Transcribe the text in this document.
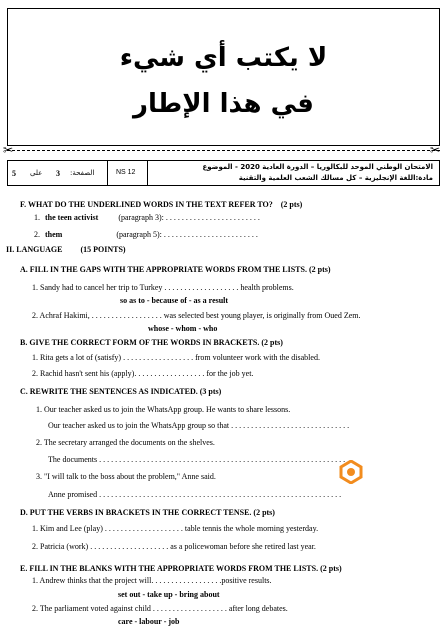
لا يكتب أي شيء
في هذا الإطار
✂	✂
5 على 3 الصفحة:	NS 12
الامتحان الوطني الموحد للبكالوريا – الدورة العادية 2020 - الموضوع
مادة:اللغة الإنجليزية – كل مسالك الشعب العلمية والتقنية
F. WHAT DO THE UNDERLINED WORDS IN THE TEXT REFER TO? (2 pts)
1. the teen activist	(paragraph 3): . . . . . . . . . . . . . . . . . . . . . . . .
2. them	(paragraph 5): . . . . . . . . . . . . . . . . . . . . . . . .
II. LANGUAGE (15 POINTS)
A. FILL IN THE GAPS WITH THE APPROPRIATE WORDS FROM THE LISTS. (2 pts)
1. Sandy had to cancel her trip to Turkey . . . . . . . . . . . . . . . . . . . health problems.
so as to - because of - as a result
2. Achraf Hakimi, . . . . . . . . . . . . . . . . . . was selected best young player, is originally from Oued Zem.
whose - whom - who
B. GIVE THE CORRECT FORM OF THE WORDS IN BRACKETS. (2 pts)
1. Rita gets a lot of (satisfy) . . . . . . . . . . . . . . . . . . from volunteer work with the disabled.
2. Rachid hasn't sent his (apply). . . . . . . . . . . . . . . . . . for the job yet.
C. REWRITE THE SENTENCES AS INDICATED. (3 pts)
1. Our teacher asked us to join the WhatsApp group. He wants to share lessons.
Our teacher asked us to join the WhatsApp group so that . . . . . . . . . . . . . . . . . . . . . . . . . . . . . .
2. The secretary arranged the documents on the shelves.
The documents . . . . . . . . . . . . . . . . . . . . . . . . . . . . . . . . . . . . . . . . . . . . . . . . . . . . . . . . . . . . . .
3. "I will talk to the boss about the problem," Anne said.
Anne promised . . . . . . . . . . . . . . . . . . . . . . . . . . . . . . . . . . . . . . . . . . . . . . . . . . . . . . . . . . . . .
D. PUT THE VERBS IN BRACKETS IN THE CORRECT TENSE. (2 pts)
1. Kim and Lee (play) . . . . . . . . . . . . . . . . . . . . table tennis the whole morning yesterday.
2. Patricia (work) . . . . . . . . . . . . . . . . . . . . as a policewoman before she retired last year.
E. FILL IN THE BLANKS WITH THE APPROPRIATE WORDS FROM THE LISTS. (2 pts)
1. Andrew thinks that the project will. . . . . . . . . . . . . . . . . .positive results.
set out - take up - bring about
2. The parliament voted against child . . . . . . . . . . . . . . . . . . . after long debates.
care - labour - job
